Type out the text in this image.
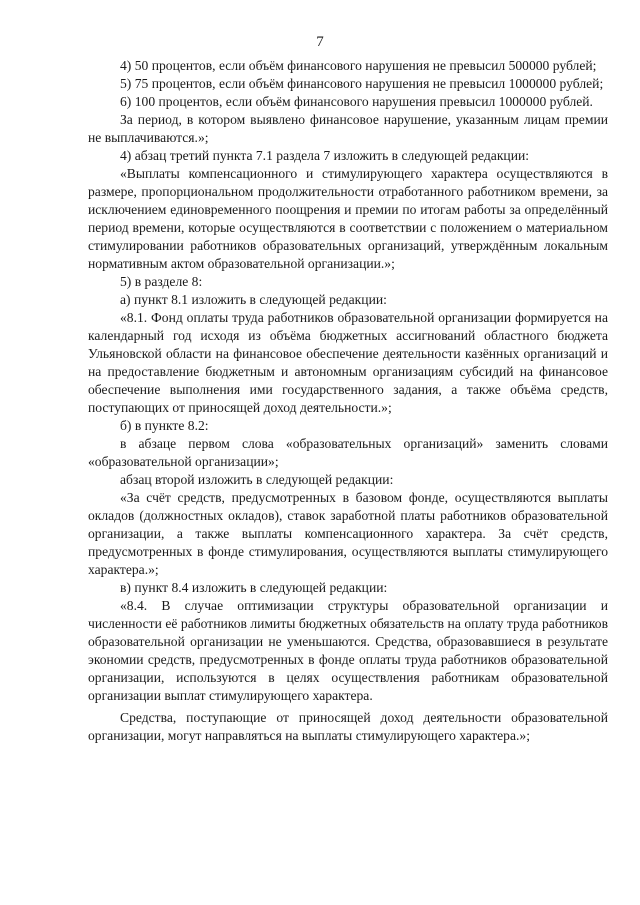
7

4) 50 процентов, если объём финансового нарушения не превысил 500000 рублей;

5) 75 процентов, если объём финансового нарушения не превысил 1000000 рублей;

6) 100 процентов, если объём финансового нарушения превысил 1000000 рублей.

За период, в котором выявлено финансовое нарушение, указанным лицам премии не выплачиваются.»;

4) абзац третий пункта 7.1 раздела 7 изложить в следующей редакции:

«Выплаты компенсационного и стимулирующего характера осуществляются в размере, пропорциональном продолжительности отработанного работником времени, за исключением единовременного поощрения и премии по итогам работы за определённый период времени, которые осуществляются в соответствии с положением о материальном стимулировании работников образовательных организаций, утверждённым локальным нормативным актом образовательной организации.»;

5) в разделе 8:

а) пункт 8.1 изложить в следующей редакции:

«8.1. Фонд оплаты труда работников образовательной организации формируется на календарный год исходя из объёма бюджетных ассигнований областного бюджета Ульяновской области на финансовое обеспечение деятельности казённых организаций и на предоставление бюджетным и автономным организациям субсидий на финансовое обеспечение выполнения ими государственного задания, а также объёма средств, поступающих от приносящей доход деятельности.»;

б) в пункте 8.2:

в абзаце первом слова «образовательных организаций» заменить словами «образовательной организации»;

абзац второй изложить в следующей редакции:

«За счёт средств, предусмотренных в базовом фонде, осуществляются выплаты окладов (должностных окладов), ставок заработной платы работников образовательной организации, а также выплаты компенсационного характера. За счёт средств, предусмотренных в фонде стимулирования, осуществляются выплаты стимулирующего характера.»;

в) пункт 8.4 изложить в следующей редакции:

«8.4. В случае оптимизации структуры образовательной организации и численности её работников лимиты бюджетных обязательств на оплату труда работников образовательной организации не уменьшаются. Средства, образовавшиеся в результате экономии средств, предусмотренных в фонде оплаты труда работников образовательной организации, используются в целях осуществления работникам образовательной организации выплат стимулирующего характера.

Средства, поступающие от приносящей доход деятельности образовательной организации, могут направляться на выплаты стимулирующего характера.»;
